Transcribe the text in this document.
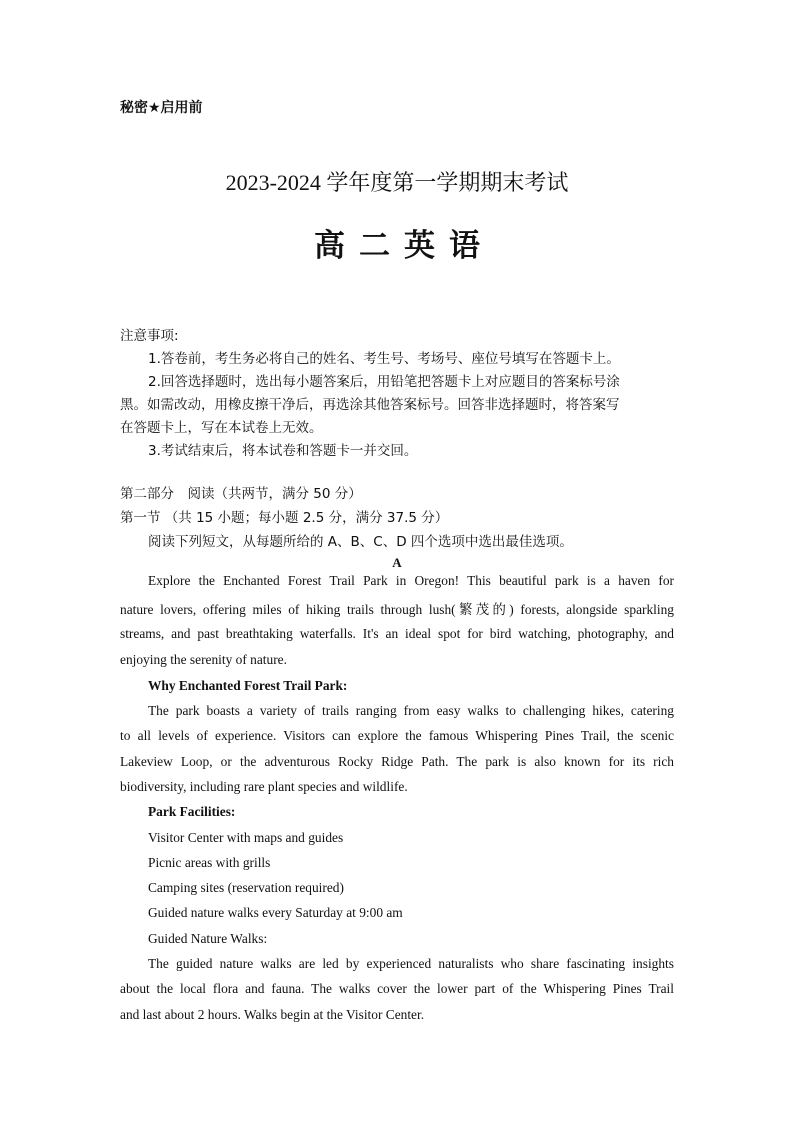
秘密★启用前
2023-2024 学年度第一学期期末考试
高二英语
注意事项:
1.答卷前，考生务必将自己的姓名、考生号、考场号、座位号填写在答题卡上。
2.回答选择题时，选出每小题答案后，用铅笔把答题卡上对应题目的答案标号涂
黑。如需改动，用橡皮擦干净后，再选涂其他答案标号。回答非选择题时，将答案写
在答题卡上，写在本试卷上无效。
3.考试结束后，将本试卷和答题卡一并交回。
第二部分　阅读（共两节，满分 50 分）
第一节 （共 15 小题；每小题 2.5 分，满分 37.5 分）
阅读下列短文，从每题所给的 A、B、C、D 四个选项中选出最佳选项。
A
Explore the Enchanted Forest Trail Park in Oregon! This beautiful park is a haven for
nature lovers, offering miles of hiking trails through lush(繁茂的) forests, alongside sparkling
streams, and past breathtaking waterfalls. It's an ideal spot for bird watching, photography, and
enjoying the serenity of nature.
Why Enchanted Forest Trail Park:
The park boasts a variety of trails ranging from easy walks to challenging hikes, catering
to all levels of experience. Visitors can explore the famous Whispering Pines Trail, the scenic
Lakeview Loop, or the adventurous Rocky Ridge Path. The park is also known for its rich
biodiversity, including rare plant species and wildlife.
Park Facilities:
Visitor Center with maps and guides
Picnic areas with grills
Camping sites (reservation required)
Guided nature walks every Saturday at 9:00 am
Guided Nature Walks:
The guided nature walks are led by experienced naturalists who share fascinating insights
about the local flora and fauna. The walks cover the lower part of the Whispering Pines Trail
and last about 2 hours. Walks begin at the Visitor Center.
